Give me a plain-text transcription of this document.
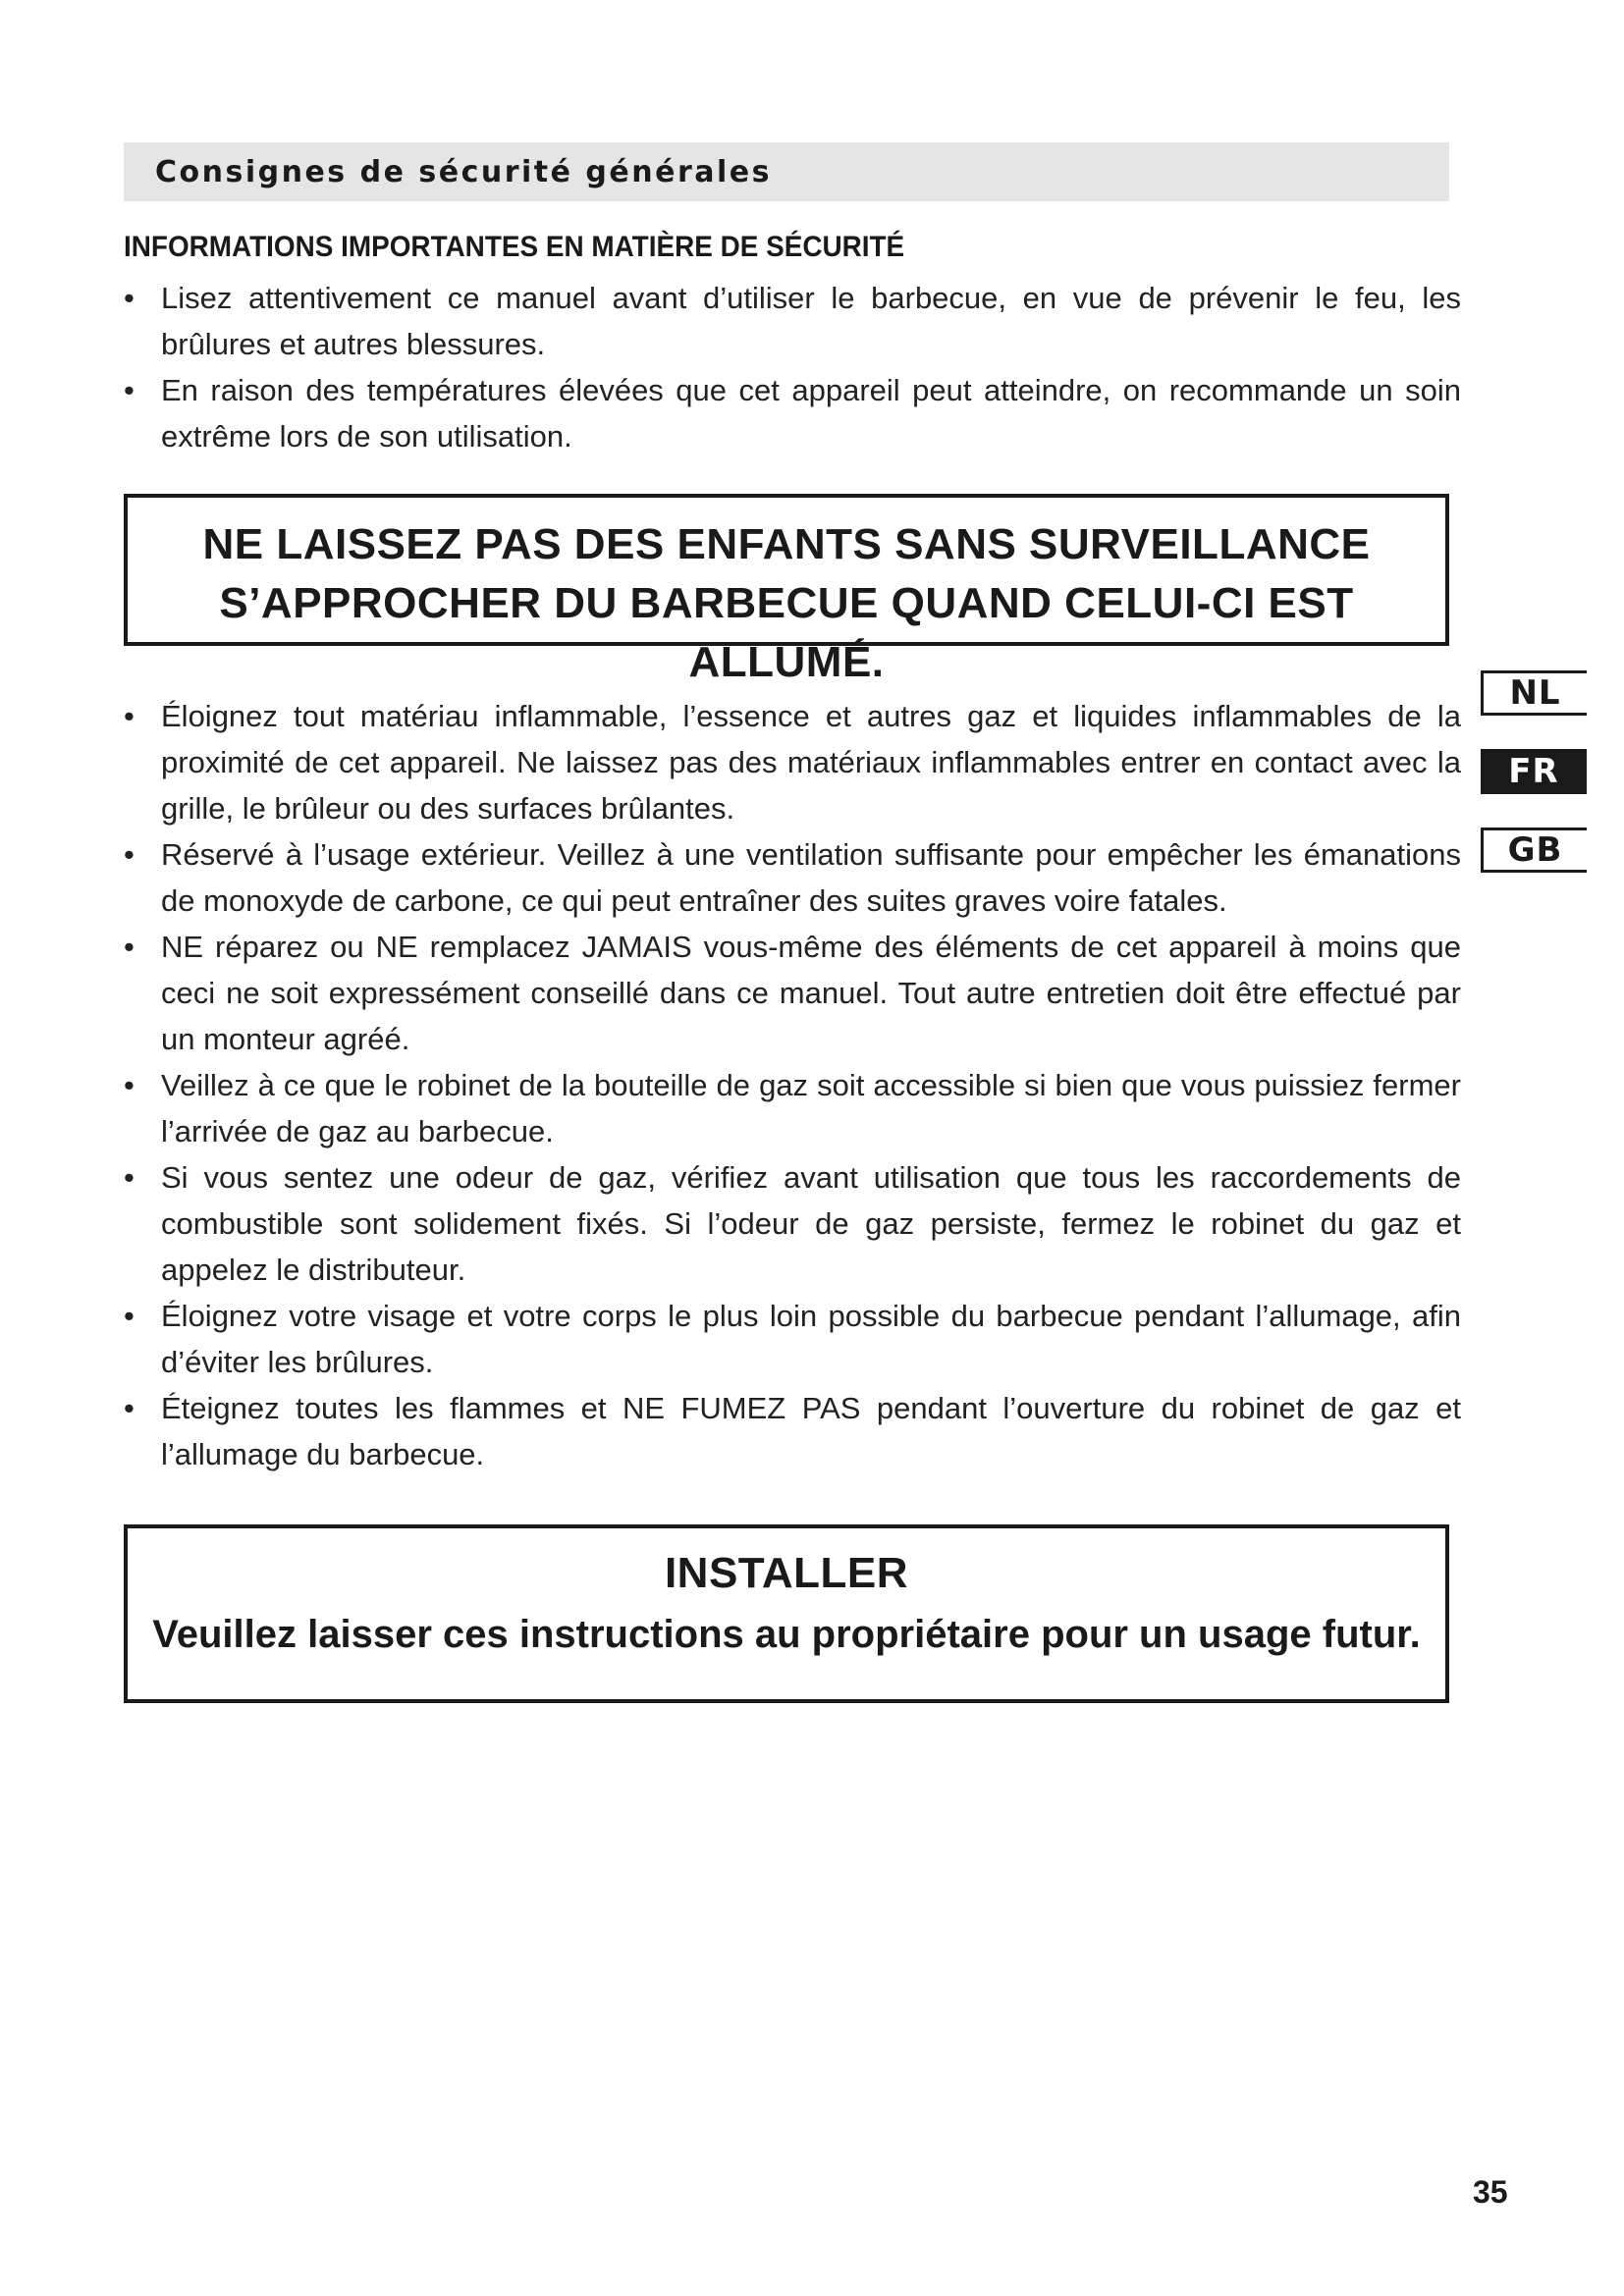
Consignes de sécurité générales
INFORMATIONS IMPORTANTES EN MATIÈRE DE SÉCURITÉ
• Lisez attentivement ce manuel avant d’utiliser le barbecue, en vue de prévenir le feu, les brûlures et autres blessures.
• En raison des températures élevées que cet appareil peut atteindre, on recommande un soin extrême lors de son utilisation.
NE LAISSEZ PAS DES ENFANTS SANS SURVEILLANCE
S’APPROCHER DU BARBECUE QUAND CELUI-CI EST ALLUMÉ.
• Éloignez tout matériau inflammable, l’essence et autres gaz et liquides inflammables de la proximité de cet appareil. Ne laissez pas des matériaux inflammables entrer en contact avec la grille, le brûleur ou des surfaces brûlantes.
• Réservé à l’usage extérieur. Veillez à une ventilation suffisante pour empêcher les émanations de monoxyde de carbone, ce qui peut entraîner des suites graves voire fatales.
• NE réparez ou NE remplacez JAMAIS vous-même des éléments de cet appareil à moins que ceci ne soit expressément conseillé dans ce manuel. Tout autre entretien doit être effectué par un monteur agréé.
• Veillez à ce que le robinet de la bouteille de gaz soit accessible si bien que vous puissiez fermer l’arrivée de gaz au barbecue.
• Si vous sentez une odeur de gaz, vérifiez avant utilisation que tous les raccordements de combustible sont solidement fixés. Si l’odeur de gaz persiste, fermez le robinet du gaz et appelez le distributeur.
• Éloignez votre visage et votre corps le plus loin possible du barbecue pendant l’allumage, afin d’éviter les brûlures.
• Éteignez toutes les flammes et NE FUMEZ PAS pendant l’ouverture du robinet de gaz et l’allumage du barbecue.
INSTALLER
Veuillez laisser ces instructions au propriétaire pour un usage futur.
NL
FR
GB
35
